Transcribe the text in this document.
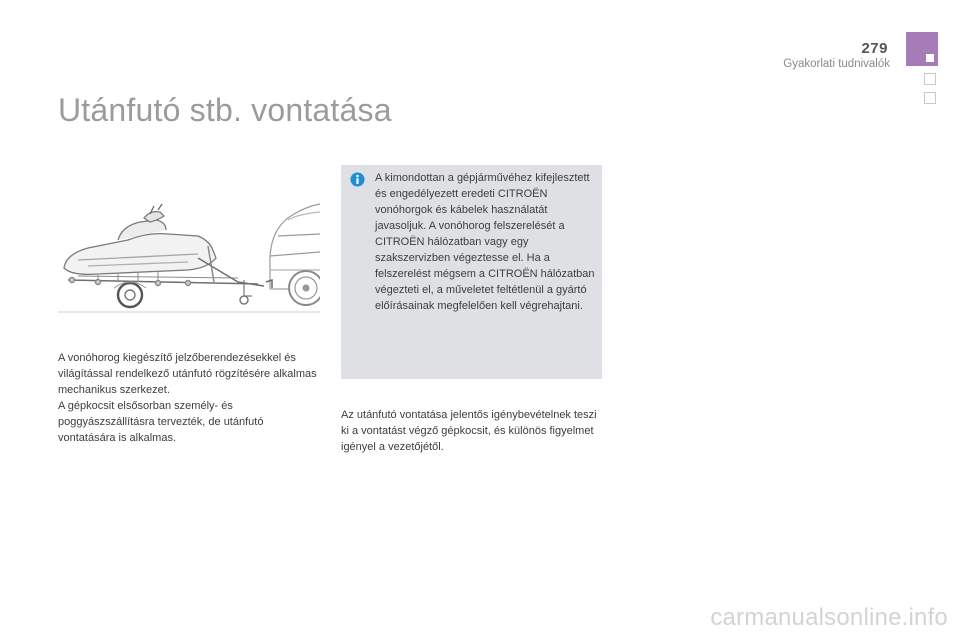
279
Gyakorlati tudnivalók
Utánfutó stb. vontatása

A vonóhorog kiegészítő jelzőberendezésekkel és világítással rendelkező utánfutó rögzítésére alkalmas mechanikus szerkezet.

A gépkocsit elsősorban személy- és poggyászszállításra tervezték, de utánfutó vontatására is alkalmas.

A kimondottan a gépjárművéhez kifejlesztett és engedélyezett eredeti CITROËN vonóhorgok és kábelek használatát javasoljuk. A vonóhorog felszerelését a CITROËN hálózatban vagy egy szakszervizben végeztesse el. Ha a felszerelést mégsem a CITROËN hálózatban végezteti el, a műveletet feltétlenül a gyártó előírásainak megfelelően kell végrehajtani.

Az utánfutó vontatása jelentős igénybevételnek teszi ki a vontatást végző gépkocsit, és különös figyelmet igényel a vezetőjétől.

carmanualsonline.info
